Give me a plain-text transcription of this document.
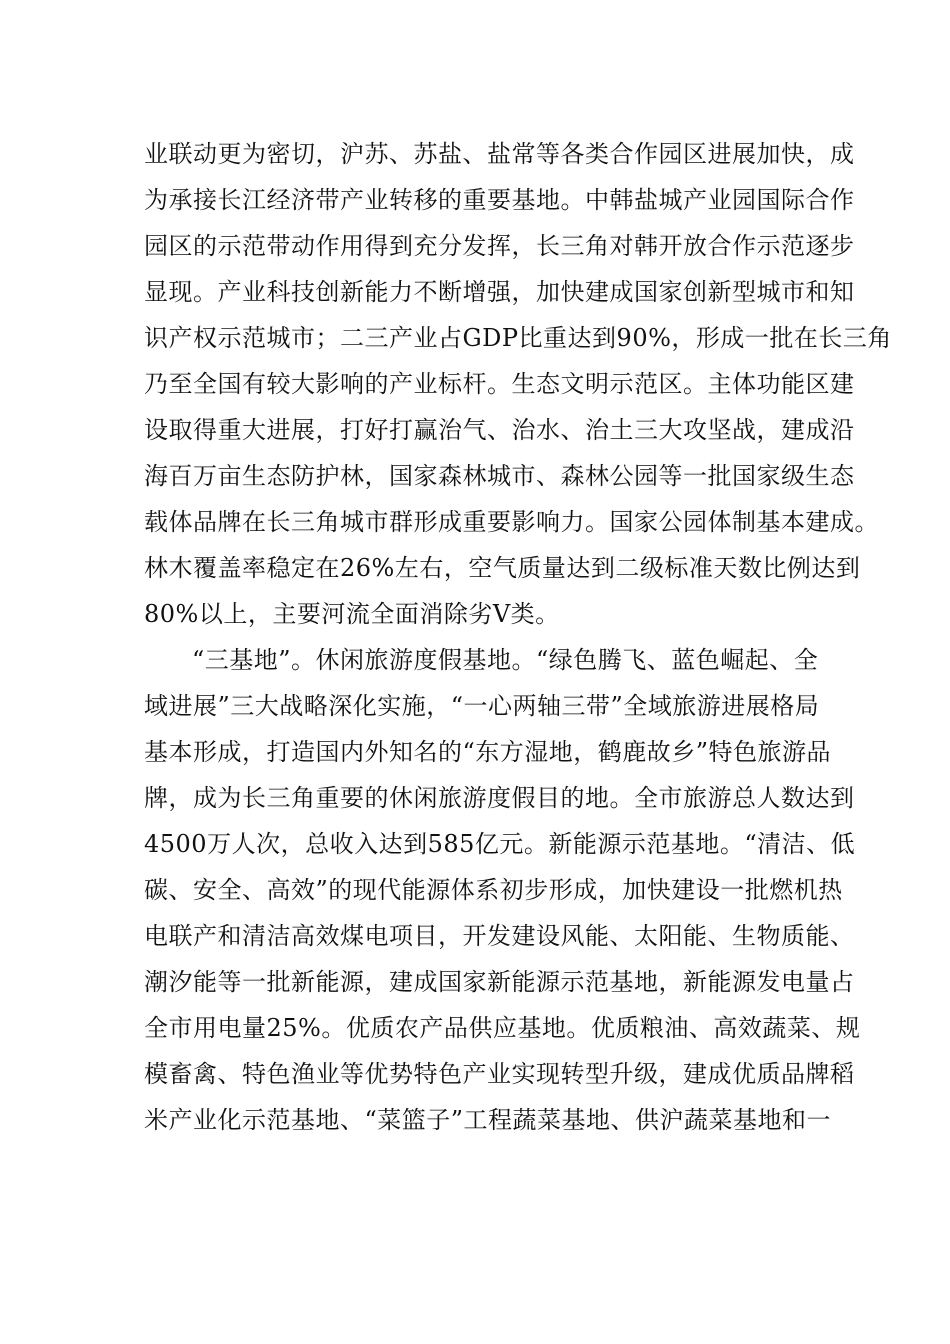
业联动更为密切，沪苏、苏盐、盐常等各类合作园区进展加快，成
为承接长江经济带产业转移的重要基地。中韩盐城产业园国际合作
园区的示范带动作用得到充分发挥，长三角对韩开放合作示范逐步
显现。产业科技创新能力不断增强，加快建成国家创新型城市和知
识产权示范城市；二三产业占GDP比重达到90%，形成一批在长三角
乃至全国有较大影响的产业标杆。生态文明示范区。主体功能区建
设取得重大进展，打好打赢治气、治水、治土三大攻坚战，建成沿
海百万亩生态防护林，国家森林城市、森林公园等一批国家级生态
载体品牌在长三角城市群形成重要影响力。国家公园体制基本建成。
林木覆盖率稳定在26%左右，空气质量达到二级标准天数比例达到
80%以上，主要河流全面消除劣Ⅴ类。
“三基地”。休闲旅游度假基地。“绿色腾飞、蓝色崛起、全
域进展”三大战略深化实施，“一心两轴三带”全域旅游进展格局
基本形成，打造国内外知名的“东方湿地，鹤鹿故乡”特色旅游品
牌，成为长三角重要的休闲旅游度假目的地。全市旅游总人数达到
4500万人次，总收入达到585亿元。新能源示范基地。“清洁、低
碳、安全、高效”的现代能源体系初步形成，加快建设一批燃机热
电联产和清洁高效煤电项目，开发建设风能、太阳能、生物质能、
潮汐能等一批新能源，建成国家新能源示范基地，新能源发电量占
全市用电量25%。优质农产品供应基地。优质粮油、高效蔬菜、规
模畜禽、特色渔业等优势特色产业实现转型升级，建成优质品牌稻
米产业化示范基地、“菜篮子”工程蔬菜基地、供沪蔬菜基地和一
